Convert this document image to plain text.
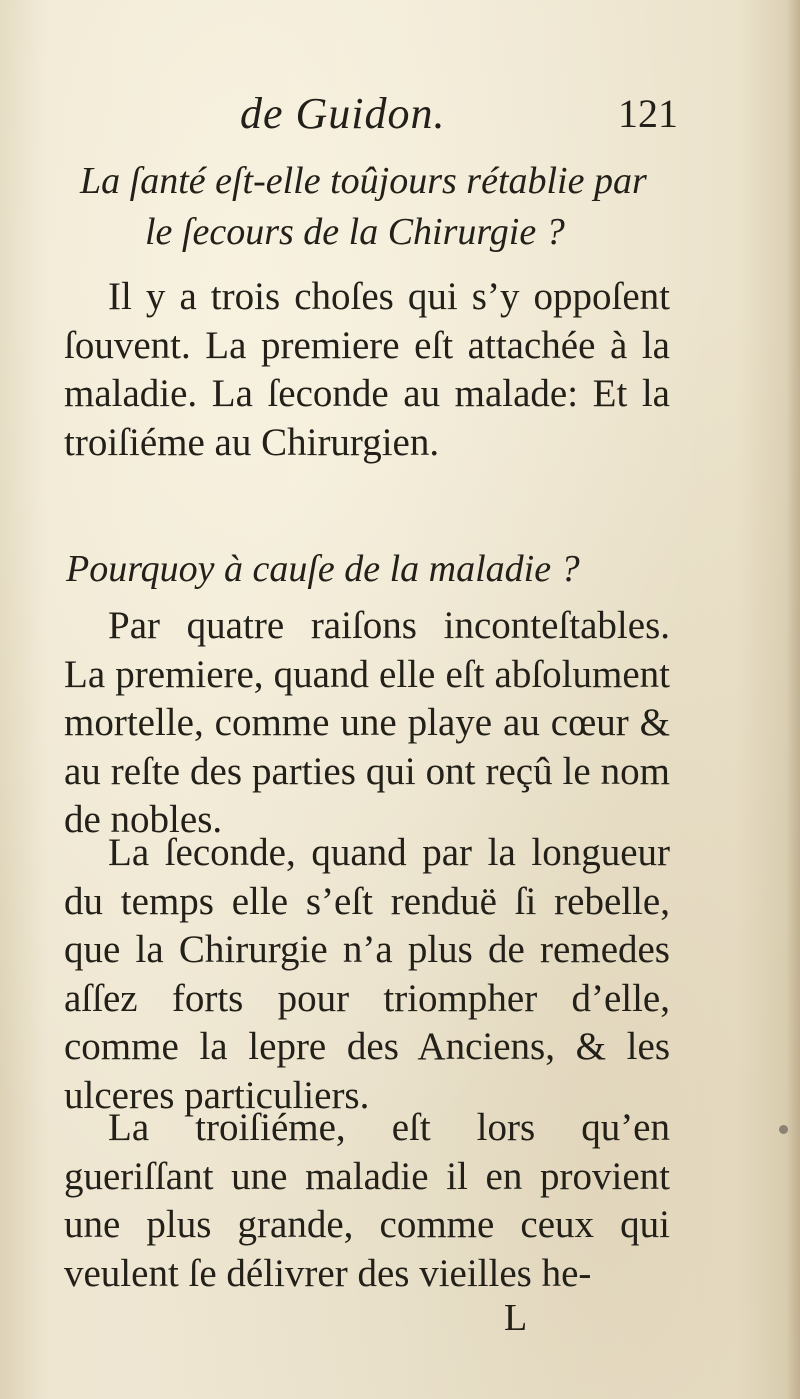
de Guidon.	121
La ſanté eſt-elle toûjours rétablie par
le ſecours de la Chirurgie ?
Il y a trois choſes qui s’y oppoſent ſouvent. La premiere eſt attachée à la maladie. La ſeconde au malade: Et la troiſiéme au Chirurgien.
Pourquoy à cauſe de la maladie ?
Par quatre raiſons inconteſtables. La premiere, quand elle eſt abſolument mortelle, comme une playe au cœur & au reſte des parties qui ont reçû le nom de nobles.
La ſeconde, quand par la longueur du temps elle s’eſt renduë ſi rebelle, que la Chirurgie n’a plus de remedes aſſez forts pour triompher d’elle, comme la lepre des Anciens, & les ulceres particuliers.
La troiſiéme, eſt lors qu’en gueriſſant une maladie il en provient une plus grande, comme ceux qui veulent ſe délivrer des vieilles he-
L
